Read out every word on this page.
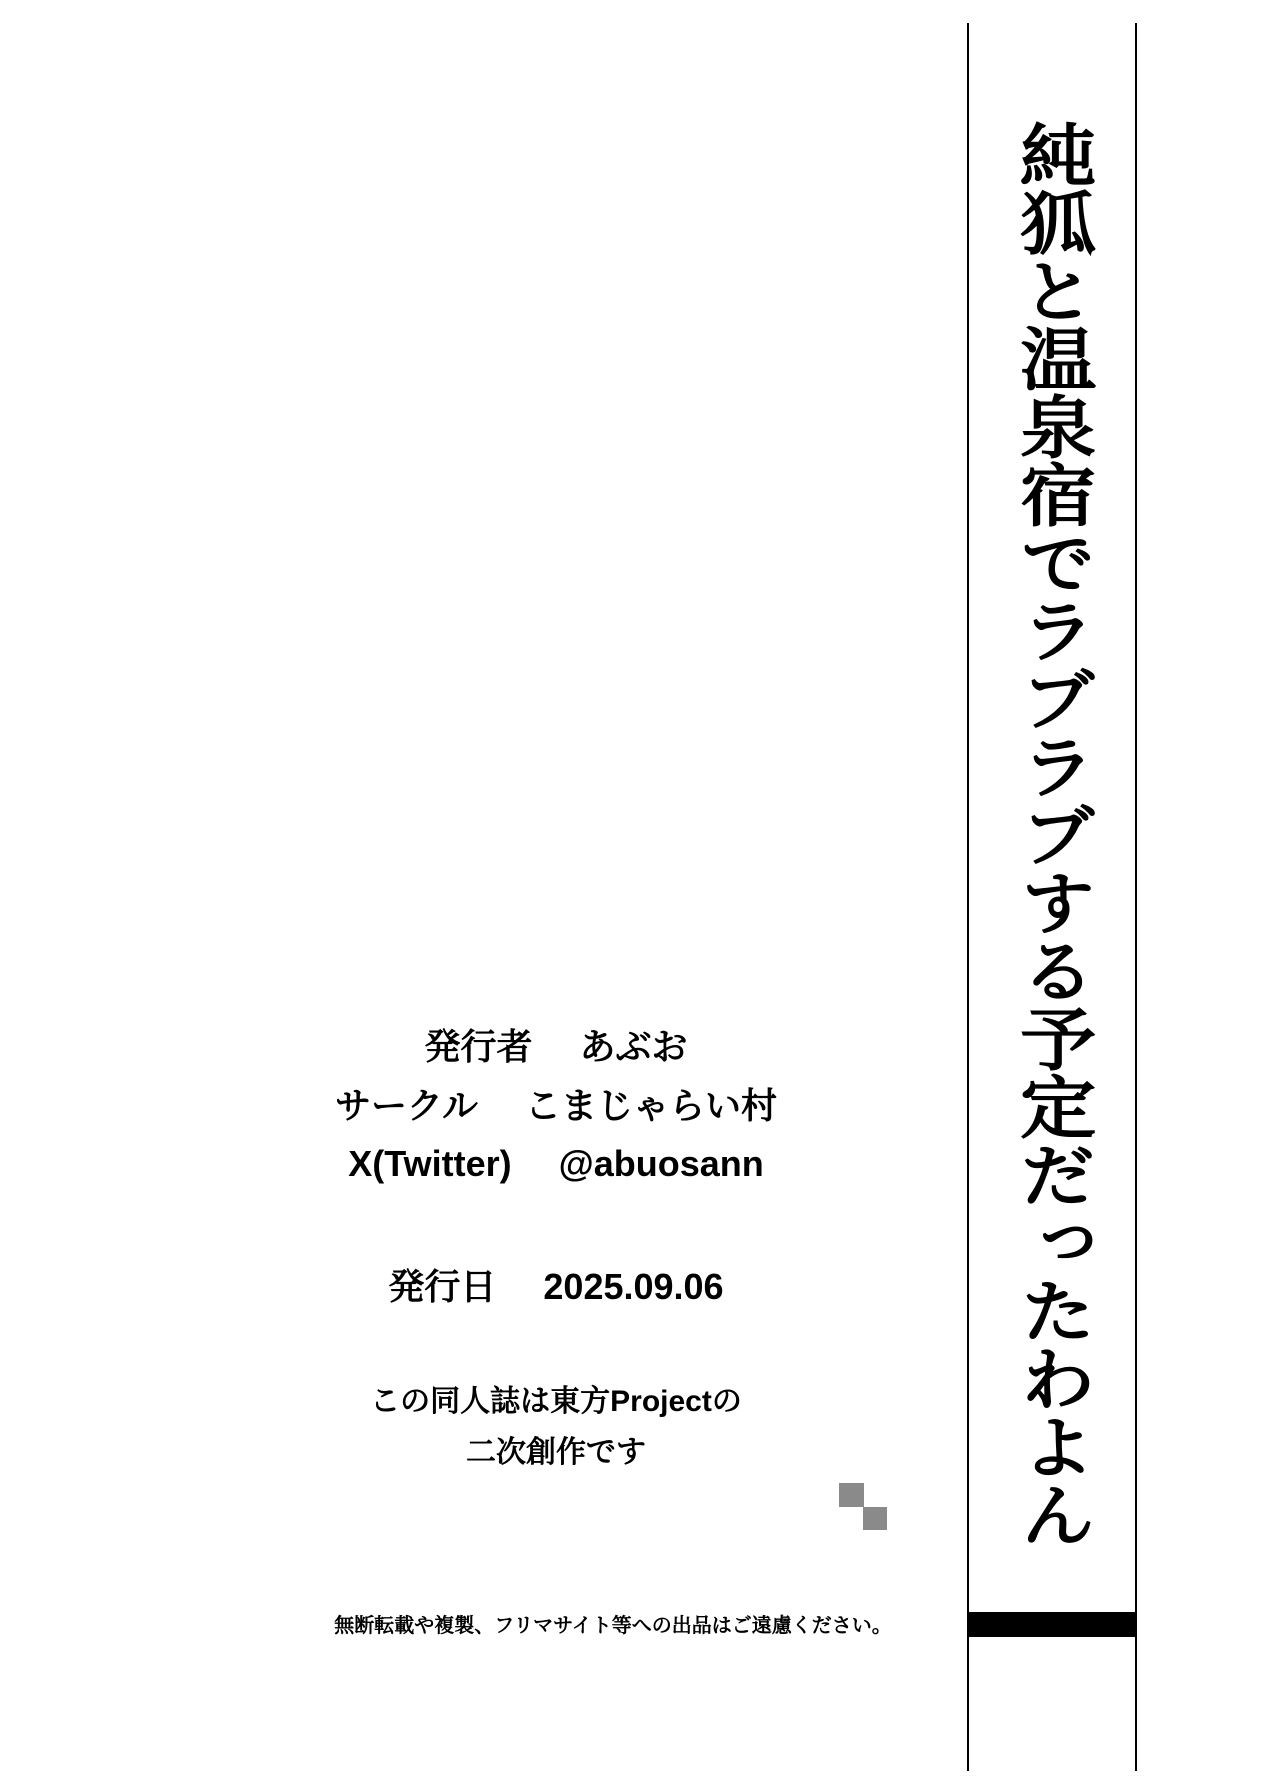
純狐と温泉宿でラブラブする予定だったわよん
発行者 あぶお
サークル こまじゃらい村
X(Twitter) @abuosann
発行日 2025.09.06
この同人誌は東方Projectの
二次創作です
無断転載や複製、フリマサイト等への出品はご遠慮ください。
